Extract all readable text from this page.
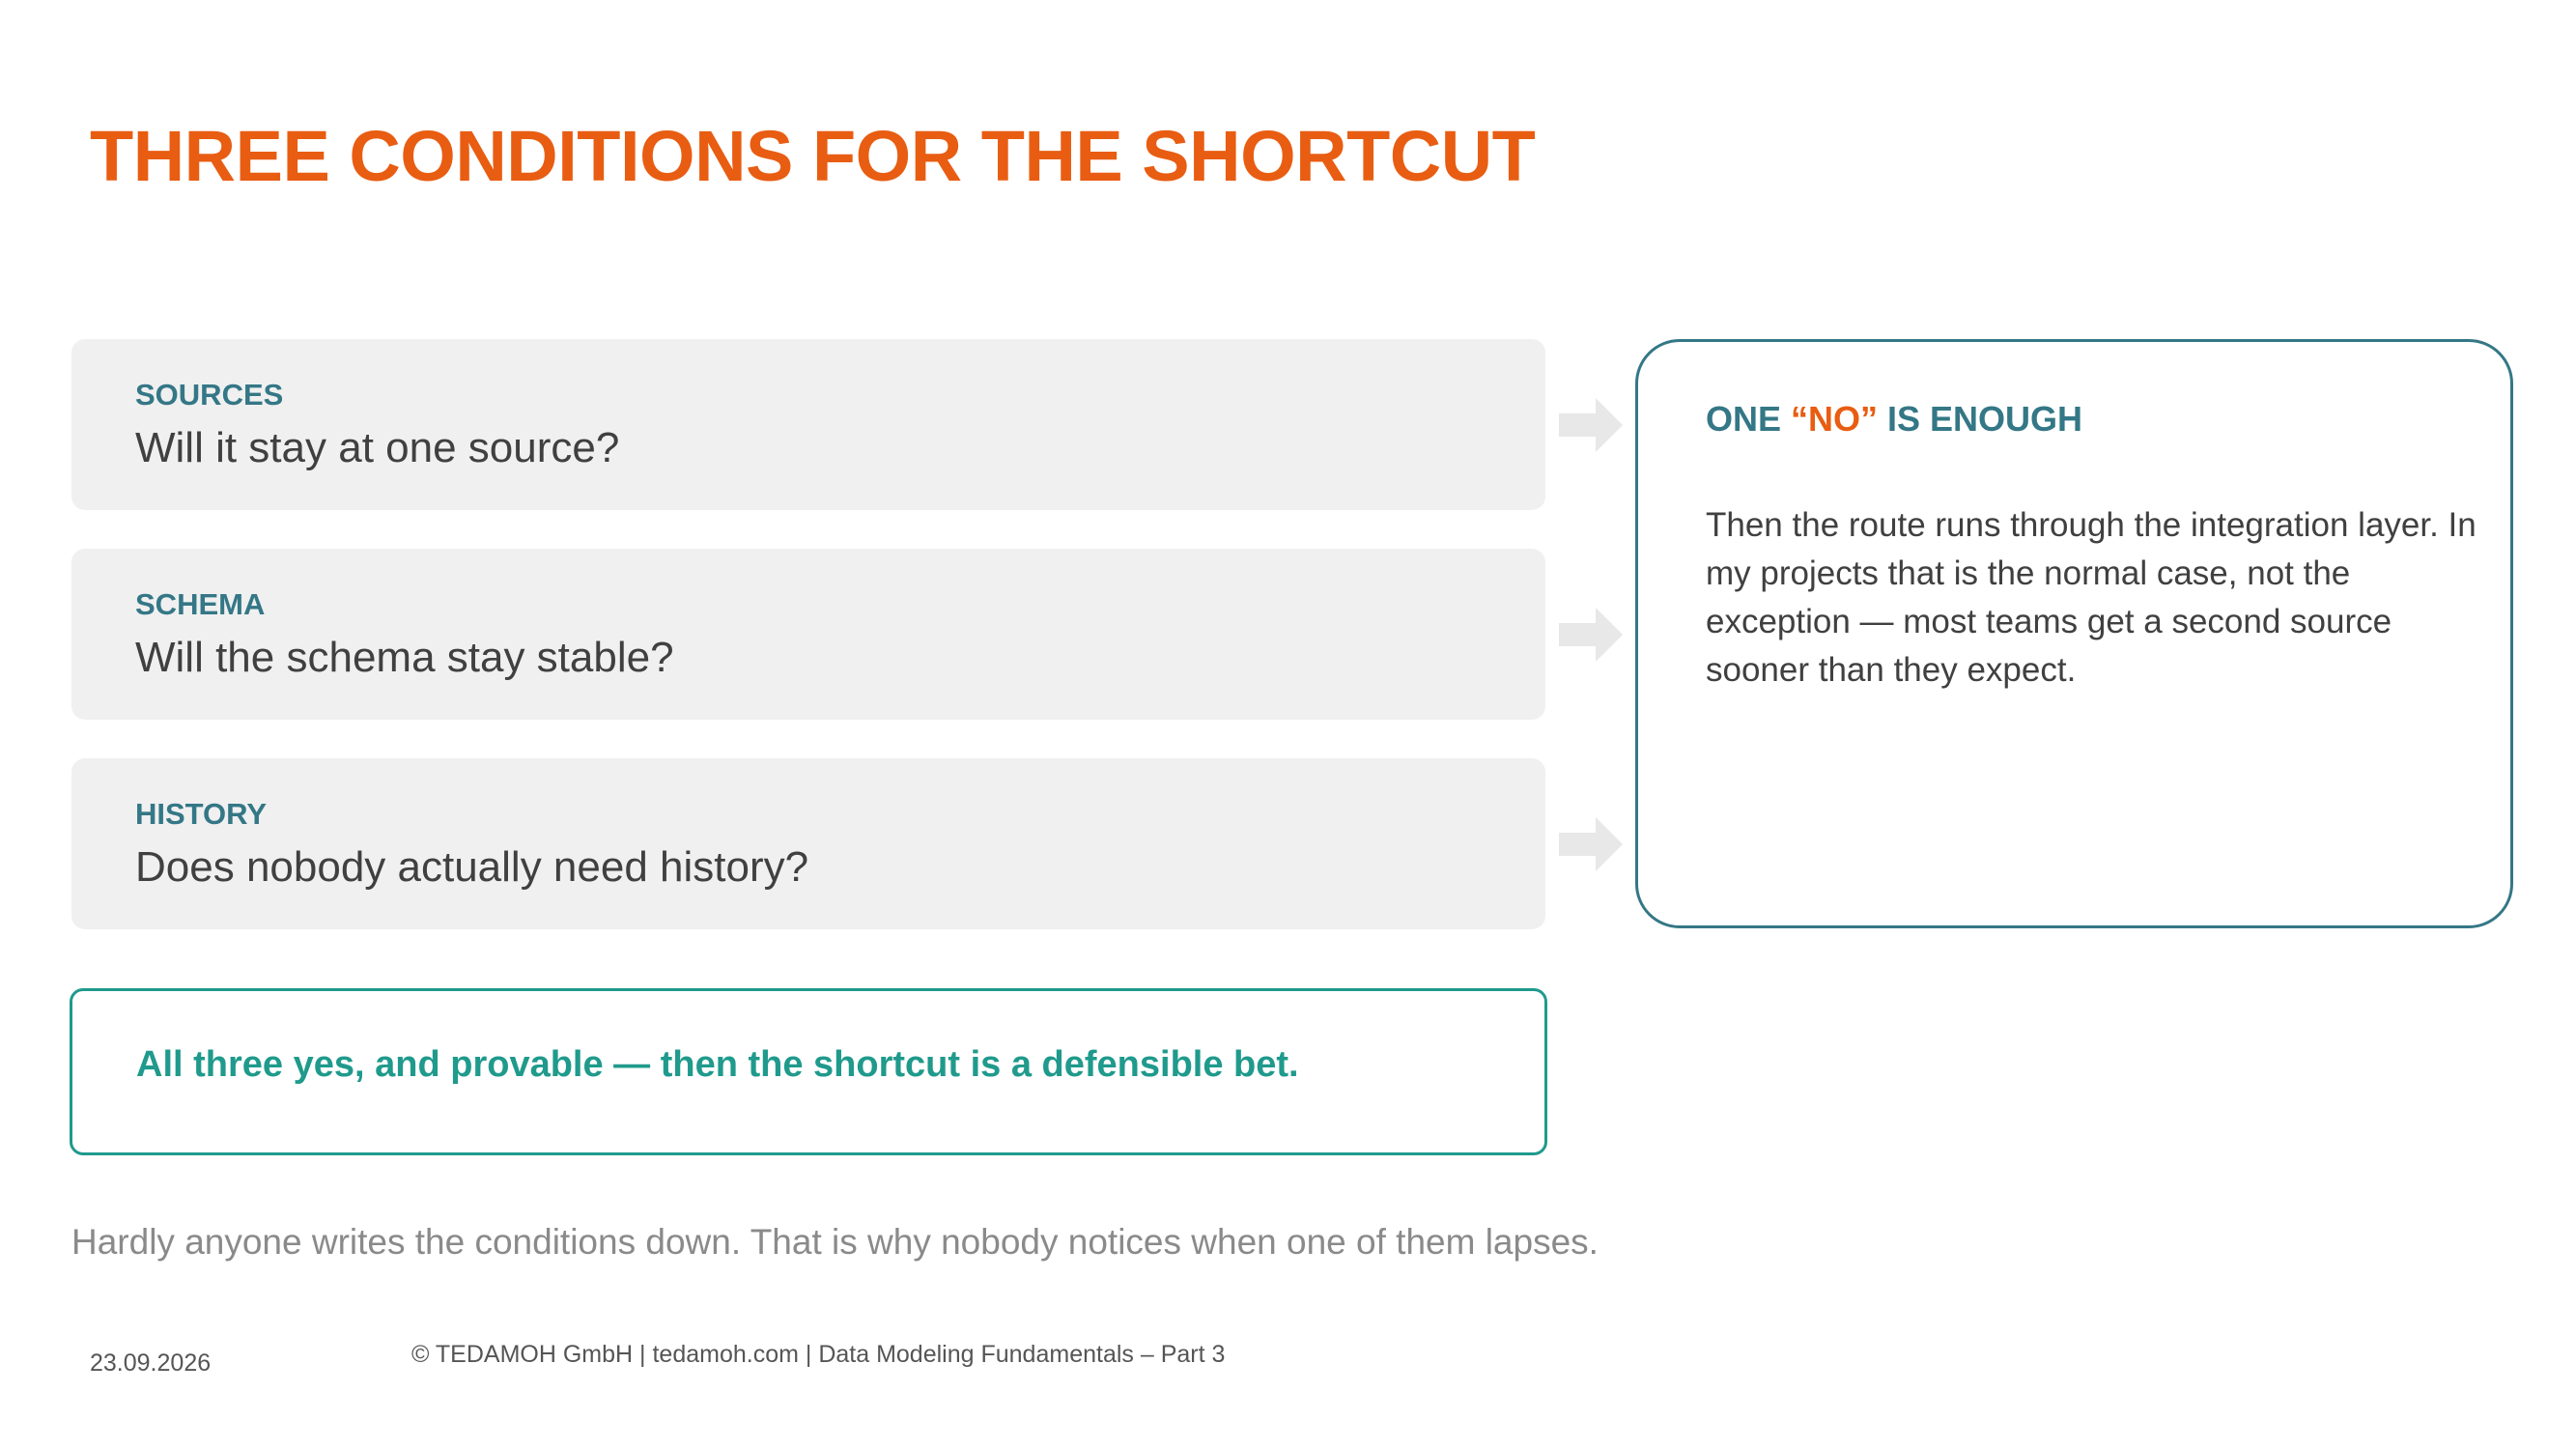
THREE CONDITIONS FOR THE SHORTCUT
SOURCES
Will it stay at one source?
SCHEMA
Will the schema stay stable?
HISTORY
Does nobody actually need history?
ONE “NO” IS ENOUGH

Then the route runs through the integration layer. In my projects that is the normal case, not the exception — most teams get a second source sooner than they expect.

All three yes, and provable — then the shortcut is a defensible bet.
Hardly anyone writes the conditions down. That is why nobody notices when one of them lapses.
23.09.2026	© TEDAMOH GmbH | tedamoh.com | Data Modeling Fundamentals – Part 3
